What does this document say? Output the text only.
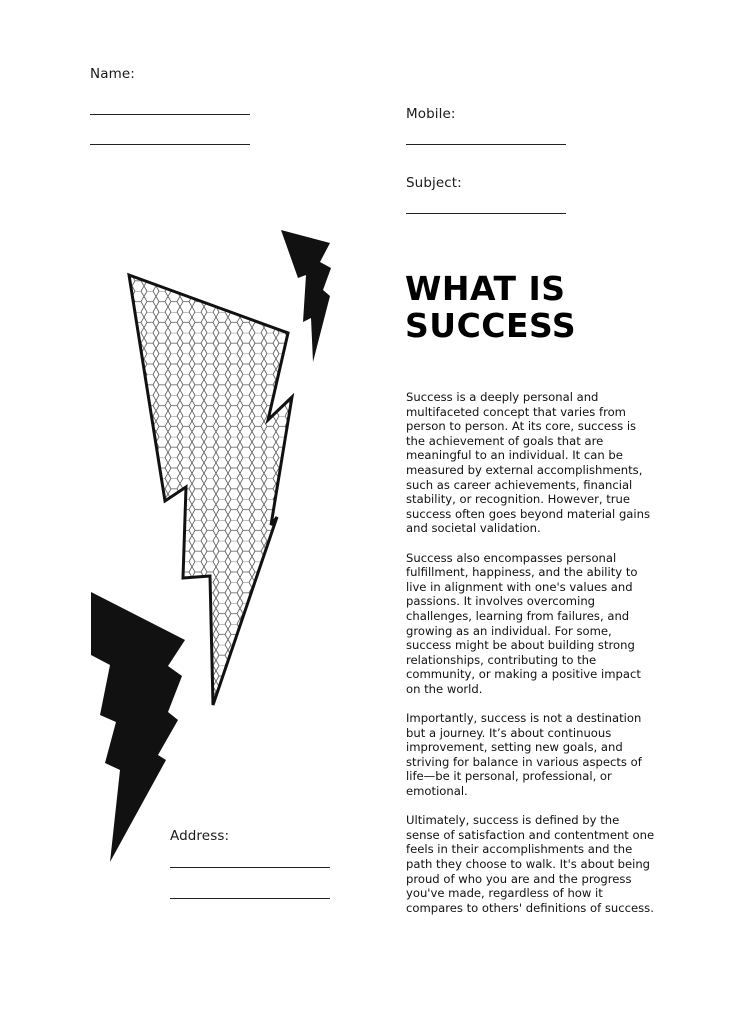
Name:
Mobile:
Subject:
Address:
WHAT IS
SUCCESS

Success is a deeply personal and multifaceted concept that varies from person to person. At its core, success is the achievement of goals that are meaningful to an individual. It can be measured by external accomplishments, such as career achievements, financial stability, or recognition. However, true success often goes beyond material gains and societal validation.

Success also encompasses personal fulfillment, happiness, and the ability to live in alignment with one's values and passions. It involves overcoming challenges, learning from failures, and growing as an individual. For some, success might be about building strong relationships, contributing to the community, or making a positive impact on the world.

Importantly, success is not a destination but a journey. It’s about continuous improvement, setting new goals, and striving for balance in various aspects of life—be it personal, professional, or emotional.

Ultimately, success is defined by the sense of satisfaction and contentment one feels in their accomplishments and the path they choose to walk. It's about being proud of who you are and the progress you've made, regardless of how it compares to others' definitions of success.
